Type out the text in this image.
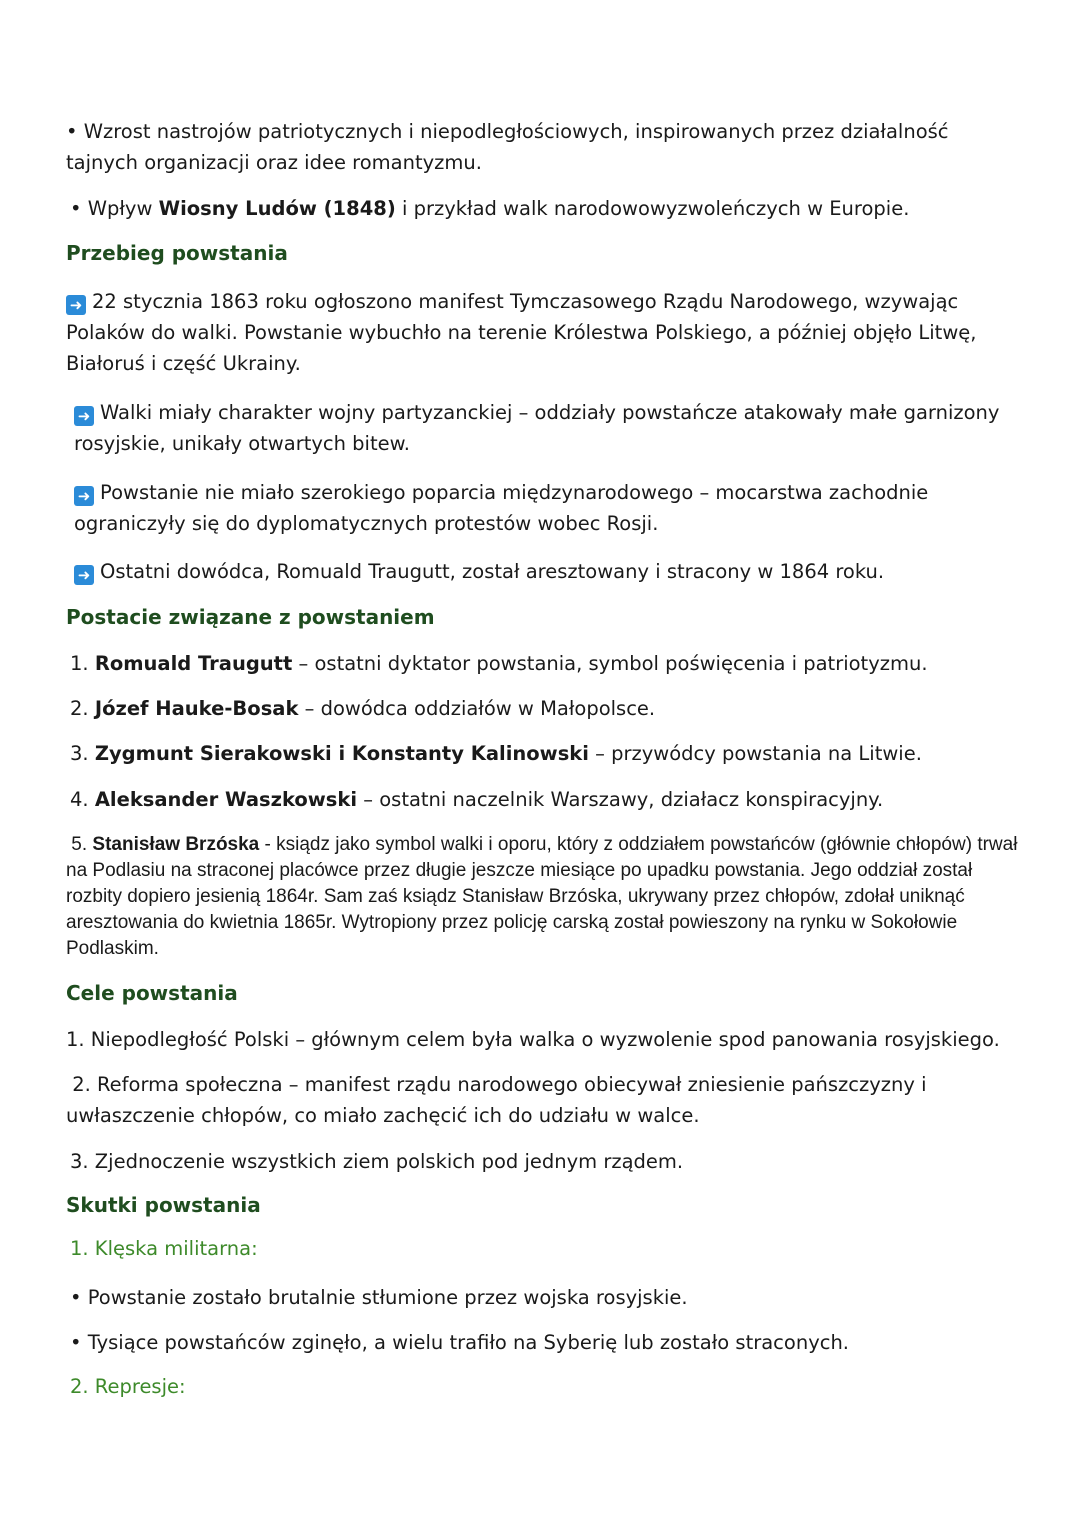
• Wzrost nastrojów patriotycznych i niepodległościowych, inspirowanych przez działalność tajnych organizacji oraz idee romantyzmu.
• Wpływ Wiosny Ludów (1848) i przykład walk narodowowyzwoleńczych w Europie.
Przebieg powstania
➜ 22 stycznia 1863 roku ogłoszono manifest Tymczasowego Rządu Narodowego, wzywając Polaków do walki. Powstanie wybuchło na terenie Królestwa Polskiego, a później objęło Litwę, Białoruś i część Ukrainy.
➜ Walki miały charakter wojny partyzanckiej – oddziały powstańcze atakowały małe garnizony rosyjskie, unikały otwartych bitew.
➜ Powstanie nie miało szerokiego poparcia międzynarodowego – mocarstwa zachodnie ograniczyły się do dyplomatycznych protestów wobec Rosji.
➜ Ostatni dowódca, Romuald Traugutt, został aresztowany i stracony w 1864 roku.
Postacie związane z powstaniem
1. Romuald Traugutt – ostatni dyktator powstania, symbol poświęcenia i patriotyzmu.
2. Józef Hauke-Bosak – dowódca oddziałów w Małopolsce.
3. Zygmunt Sierakowski i Konstanty Kalinowski – przywódcy powstania na Litwie.
4. Aleksander Waszkowski – ostatni naczelnik Warszawy, działacz konspiracyjny.
5. Stanisław Brzóska - ksiądz jako symbol walki i oporu, który z oddziałem powstańców (głównie chłopów) trwał na Podlasiu na straconej placówce przez długie jeszcze miesiące po upadku powstania. Jego oddział został rozbity dopiero jesienią 1864r. Sam zaś ksiądz Stanisław Brzóska, ukrywany przez chłopów, zdołał uniknąć aresztowania do kwietnia 1865r. Wytropiony przez policję carską został powieszony na rynku w Sokołowie Podlaskim.
Cele powstania
1. Niepodległość Polski – głównym celem była walka o wyzwolenie spod panowania rosyjskiego.
2. Reforma społeczna – manifest rządu narodowego obiecywał zniesienie pańszczyzny i uwłaszczenie chłopów, co miało zachęcić ich do udziału w walce.
3. Zjednoczenie wszystkich ziem polskich pod jednym rządem.
Skutki powstania
1. Klęska militarna:
• Powstanie zostało brutalnie stłumione przez wojska rosyjskie.
• Tysiące powstańców zginęło, a wielu trafiło na Syberię lub zostało straconych.
2. Represje:
